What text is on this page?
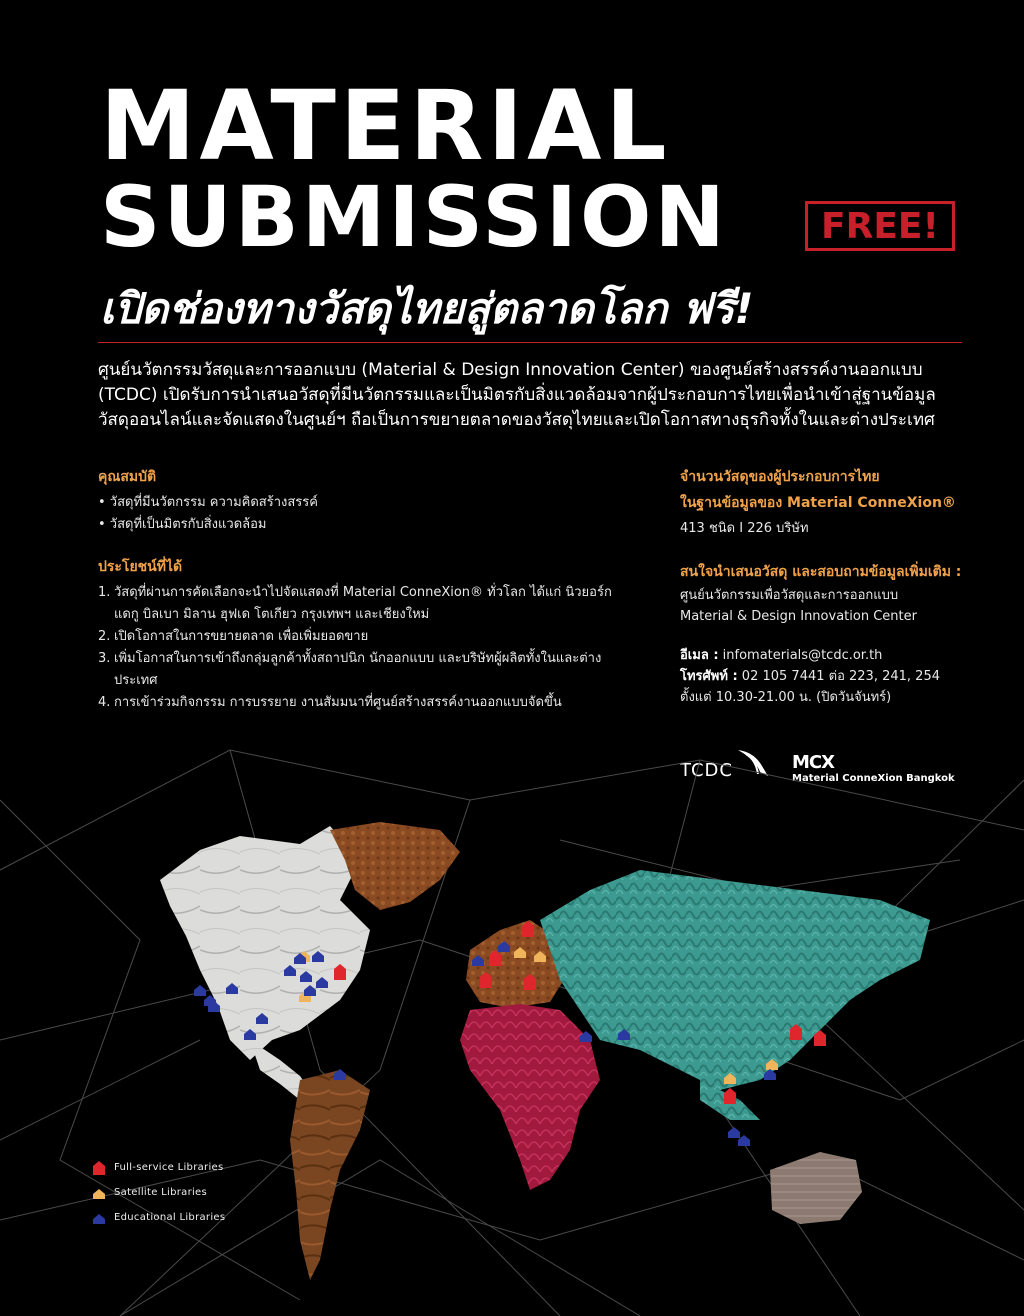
MATERIAL
SUBMISSION	FREE!
เปิดช่องทางวัสดุไทยสู่ตลาดโลก ฟรี!

ศูนย์นวัตกรรมวัสดุและการออกแบบ (Material & Design Innovation Center) ของศูนย์สร้างสรรค์งานออกแบบ

(TCDC) เปิดรับการนำเสนอวัสดุที่มีนวัตกรรมและเป็นมิตรกับสิ่งแวดล้อมจากผู้ประกอบการไทยเพื่อนำเข้าสู่ฐานข้อมูล

วัสดุออนไลน์และจัดแสดงในศูนย์ฯ ถือเป็นการขยายตลาดของวัสดุไทยและเปิดโอกาสทางธุรกิจทั้งในและต่างประเทศ

คุณสมบัติ

• วัสดุที่มีนวัตกรรม ความคิดสร้างสรรค์
• วัสดุที่เป็นมิตรกับสิ่งแวดล้อม

ประโยชน์ที่ได้

1. วัสดุที่ผ่านการคัดเลือกจะนำไปจัดแสดงที่ Material ConneXion® ทั่วโลก ได้แก่ นิวยอร์ก แดกู บิลเบา มิลาน ฮุฟเด โตเกียว กรุงเทพฯ และเชียงใหม่
2. เปิดโอกาสในการขยายตลาด เพื่อเพิ่มยอดขาย
3. เพิ่มโอกาสในการเข้าถึงกลุ่มลูกค้าทั้งสถาปนิก นักออกแบบ และบริษัทผู้ผลิตทั้งในและต่างประเทศ
4. การเข้าร่วมกิจกรรม การบรรยาย งานสัมมนาที่ศูนย์สร้างสรรค์งานออกแบบจัดขึ้น

จำนวนวัสดุของผู้ประกอบการไทย

ในฐานข้อมูลของ Material ConneXion®

413 ชนิด I 226 บริษัท

สนใจนำเสนอวัสดุ และสอบถามข้อมูลเพิ่มเติม :

ศูนย์นวัตกรรมเพื่อวัสดุและการออกแบบ

Material & Design Innovation Center

อีเมล : infomaterials@tcdc.or.th

โทรศัพท์ : 02 105 7441 ต่อ 223, 241, 254

ตั้งแต่ 10.30-21.00 น. (ปิดวันจันทร์)

TCDC	MCX
Material ConneXion Bangkok
Full-service Libraries
Satellite Libraries
Educational Libraries
